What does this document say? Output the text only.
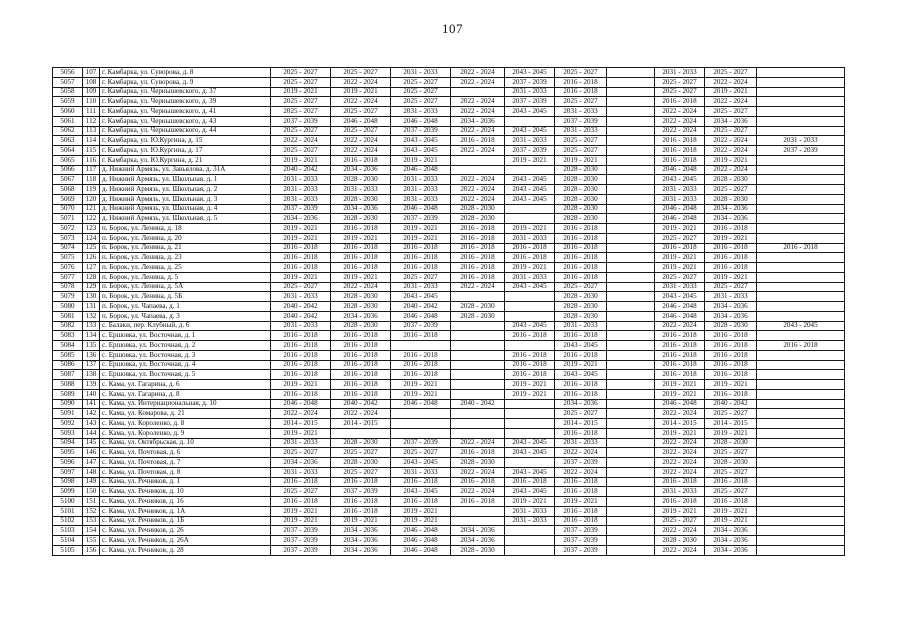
107
5056	107	г. Камбарка, ул. Суворова, д. 8	2025 - 2027	2025 - 2027	2031 - 2033	2022 - 2024	2043 - 2045	2025 - 2027		2031 - 2033	2025 - 2027	
5057	108	г. Камбарка, ул. Суворова, д. 9	2025 - 2027	2022 - 2024	2025 - 2027	2022 - 2024	2037 - 2039	2016 - 2018		2025 - 2027	2022 - 2024	
5058	109	г. Камбарка, ул. Чернышевского, д. 37	2019 - 2021	2019 - 2021	2025 - 2027		2031 - 2033	2016 - 2018		2025 - 2027	2019 - 2021	
5059	110	г. Камбарка, ул. Чернышевского, д. 39	2025 - 2027	2022 - 2024	2025 - 2027	2022 - 2024	2037 - 2039	2025 - 2027		2016 - 2018	2022 - 2024	
5060	111	г. Камбарка, ул. Чернышевского, д. 41	2025 - 2027	2025 - 2027	2031 - 2033	2022 - 2024	2043 - 2045	2031 - 2033		2022 - 2024	2025 - 2027	
5061	112	г. Камбарка, ул. Чернышевского, д. 43	2037 - 2039	2046 - 2048	2046 - 2048	2034 - 2036		2037 - 2039		2022 - 2024	2034 - 2036	
5062	113	г. Камбарка, ул. Чернышевского, д. 44	2025 - 2027	2025 - 2027	2037 - 2039	2022 - 2024	2043 - 2045	2031 - 2033		2022 - 2024	2025 - 2027	
5063	114	г. Камбарка, ул. Ю.Кургина, д. 15	2022 - 2024	2022 - 2024	2043 - 2045	2016 - 2018	2031 - 2033	2025 - 2027		2016 - 2018	2022 - 2024	2031 - 2033
5064	115	г. Камбарка, ул. Ю.Кургина, д. 17	2025 - 2027	2022 - 2024	2043 - 2045	2022 - 2024	2037 - 2039	2025 - 2027		2016 - 2018	2022 - 2024	2037 - 2039
5065	116	г. Камбарка, ул. Ю.Кургина, д. 21	2019 - 2021	2016 - 2018	2019 - 2021		2019 - 2021	2019 - 2021		2016 - 2018	2019 - 2021	
5066	117	д. Нижний Армязь, ул. Завьялова, д. 31А	2040 - 2042	2034 - 2036	2046 - 2048			2028 - 2030		2046 - 2048	2022 - 2024	
5067	118	д. Нижний Армязь, ул. Школьная, д. 1	2031 - 2033	2028 - 2030	2031 - 2033	2022 - 2024	2043 - 2045	2028 - 2030		2043 - 2045	2028 - 2030	
5068	119	д. Нижний Армязь, ул. Школьная, д. 2	2031 - 2033	2031 - 2033	2031 - 2033	2022 - 2024	2043 - 2045	2028 - 2030		2031 - 2033	2025 - 2027	
5069	120	д. Нижний Армязь, ул. Школьная, д. 3	2031 - 2033	2028 - 2030	2031 - 2033	2022 - 2024	2043 - 2045	2028 - 2030		2031 - 2033	2028 - 2030	
5070	121	д. Нижний Армязь, ул. Школьная, д. 4	2037 - 2039	2034 - 2036	2046 - 2048	2028 - 2030		2028 - 2030		2046 - 2048	2034 - 2036	
5071	122	д. Нижний Армязь, ул. Школьная, д. 5	2034 - 2036	2028 - 2030	2037 - 2039	2028 - 2030		2028 - 2030		2046 - 2048	2034 - 2036	
5072	123	п. Борок, ул. Ленина, д. 18	2019 - 2021	2016 - 2018	2019 - 2021	2016 - 2018	2019 - 2021	2016 - 2018		2019 - 2021	2016 - 2018	
5073	124	п. Борок, ул. Ленина, д. 20	2019 - 2021	2019 - 2021	2019 - 2021	2016 - 2018	2031 - 2033	2016 - 2018		2025 - 2027	2019 - 2021	
5074	125	п. Борок, ул. Ленина, д. 21	2016 - 2018	2016 - 2018	2016 - 2018	2016 - 2018	2016 - 2018	2016 - 2018		2016 - 2018	2016 - 2018	2016 - 2018
5075	126	п. Борок, ул. Ленина, д. 23	2016 - 2018	2016 - 2018	2016 - 2018	2016 - 2018	2016 - 2018	2016 - 2018		2019 - 2021	2016 - 2018	
5076	127	п. Борок, ул. Ленина, д. 25	2016 - 2018	2016 - 2018	2016 - 2018	2016 - 2018	2019 - 2021	2016 - 2018		2019 - 2021	2016 - 2018	
5077	128	п. Борок, ул. Ленина, д. 5	2019 - 2021	2019 - 2021	2025 - 2027	2016 - 2018	2031 - 2033	2016 - 2018		2025 - 2027	2019 - 2021	
5078	129	п. Борок, ул. Ленина, д. 5А	2025 - 2027	2022 - 2024	2031 - 2033	2022 - 2024	2043 - 2045	2025 - 2027		2031 - 2033	2025 - 2027	
5079	130	п. Борок, ул. Ленина, д. 5Б	2031 - 2033	2028 - 2030	2043 - 2045			2028 - 2030		2043 - 2045	2031 - 2033	
5080	131	п. Борок, ул. Чапаева, д. 1	2040 - 2042	2028 - 2030	2040 - 2042	2028 - 2030		2028 - 2030		2046 - 2048	2034 - 2036	
5081	132	п. Борок, ул. Чапаева, д. 3	2040 - 2042	2034 - 2036	2046 - 2048	2028 - 2030		2028 - 2030		2046 - 2048	2034 - 2036	
5082	133	с. Балаки, пер. Клубный, д. 6	2031 - 2033	2028 - 2030	2037 - 2039		2043 - 2045	2031 - 2033		2022 - 2024	2028 - 2030	2043 - 2045
5083	134	с. Ершовка, ул. Восточная, д. 1	2016 - 2018	2016 - 2018	2016 - 2018		2016 - 2018	2016 - 2018		2016 - 2018	2016 - 2018	
5084	135	с. Ершовка, ул. Восточная, д. 2	2016 - 2018	2016 - 2018				2043 - 2045		2016 - 2018	2016 - 2018	2016 - 2018
5085	136	с. Ершовка, ул. Восточная, д. 3	2016 - 2018	2016 - 2018	2016 - 2018		2016 - 2018	2016 - 2018		2016 - 2018	2016 - 2018	
5086	137	с. Ершовка, ул. Восточная, д. 4	2016 - 2018	2016 - 2018	2016 - 2018		2016 - 2018	2019 - 2021		2016 - 2018	2016 - 2018	
5087	138	с. Ершовка, ул. Восточная, д. 5	2016 - 2018	2016 - 2018	2016 - 2018		2016 - 2018	2043 - 2045		2016 - 2018	2016 - 2018	
5088	139	с. Кама, ул. Гагарина, д. 6	2019 - 2021	2016 - 2018	2019 - 2021		2019 - 2021	2016 - 2018		2019 - 2021	2019 - 2021	
5089	140	с. Кама, ул. Гагарина, д. 8	2016 - 2018	2016 - 2018	2019 - 2021		2019 - 2021	2016 - 2018		2019 - 2021	2016 - 2018	
5090	141	с. Кама, ул. Интернациональная, д. 10	2046 - 2048	2040 - 2042	2046 - 2048	2040 - 2042		2034 - 2036		2046 - 2048	2040 - 2042	
5091	142	с. Кама, ул. Комарова, д. 21	2022 - 2024	2022 - 2024				2025 - 2027		2022 - 2024	2025 - 2027	
5092	143	с. Кама, ул. Короленко, д. 8	2014 - 2015	2014 - 2015				2014 - 2015		2014 - 2015	2014 - 2015	
5093	144	с. Кама, ул. Короленко, д. 9	2019 - 2021					2016 - 2018		2019 - 2021	2019 - 2021	
5094	145	с. Кама, ул. Октябрьская, д. 10	2031 - 2033	2028 - 2030	2037 - 2039	2022 - 2024	2043 - 2045	2031 - 2033		2022 - 2024	2028 - 2030	
5095	146	с. Кама, ул. Почтовая, д. 6	2025 - 2027	2025 - 2027	2025 - 2027	2016 - 2018	2043 - 2045	2022 - 2024		2022 - 2024	2025 - 2027	
5096	147	с. Кама, ул. Почтовая, д. 7	2034 - 2036	2028 - 2030	2043 - 2045	2028 - 2030		2037 - 2039		2022 - 2024	2028 - 2030	
5097	148	с. Кама, ул. Почтовая, д. 8	2031 - 2033	2025 - 2027	2031 - 2033	2022 - 2024	2043 - 2045	2022 - 2024		2022 - 2024	2025 - 2027	
5098	149	с. Кама, ул. Речников, д. 1	2016 - 2018	2016 - 2018	2016 - 2018	2016 - 2018	2016 - 2018	2016 - 2018		2016 - 2018	2016 - 2018	
5099	150	с. Кама, ул. Речников, д. 10	2025 - 2027	2037 - 2039	2043 - 2045	2022 - 2024	2043 - 2045	2016 - 2018		2031 - 2033	2025 - 2027	
5100	151	с. Кама, ул. Речников, д. 16	2016 - 2018	2016 - 2018	2016 - 2018	2016 - 2018	2019 - 2021	2019 - 2021		2016 - 2018	2016 - 2018	
5101	152	с. Кама, ул. Речников, д. 1А	2019 - 2021	2016 - 2018	2019 - 2021		2031 - 2033	2016 - 2018		2019 - 2021	2019 - 2021	
5102	153	с. Кама, ул. Речников, д. 1Б	2019 - 2021	2019 - 2021	2019 - 2021		2031 - 2033	2016 - 2018		2025 - 2027	2019 - 2021	
5103	154	с. Кама, ул. Речников, д. 26	2037 - 2039	2034 - 2036	2046 - 2048	2034 - 2036		2037 - 2039		2022 - 2024	2034 - 2036	
5104	155	с. Кама, ул. Речников, д. 26А	2037 - 2039	2034 - 2036	2046 - 2048	2034 - 2036		2037 - 2039		2028 - 2030	2034 - 2036	
5105	156	с. Кама, ул. Речников, д. 28	2037 - 2039	2034 - 2036	2046 - 2048	2028 - 2030		2037 - 2039		2022 - 2024	2034 - 2036	
